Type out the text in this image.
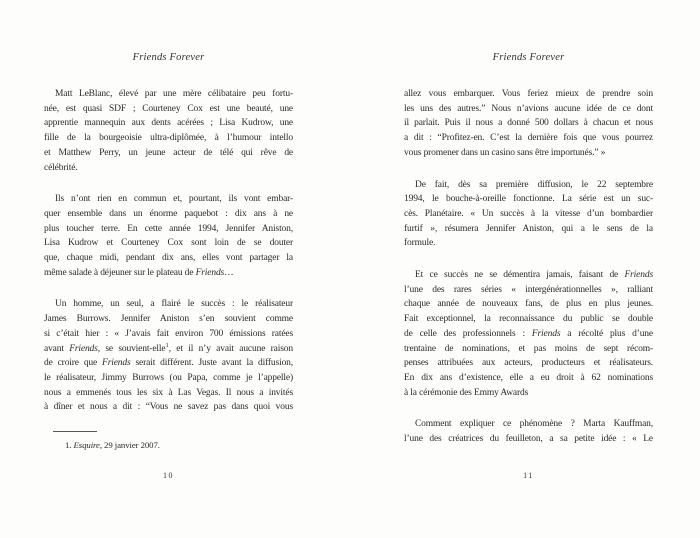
Friends Forever
Matt LeBlanc, élevé par une mère célibataire peu fortu-
née, est quasi SDF ; Courteney Cox est une beauté, une
apprentie mannequin aux dents acérées ; Lisa Kudrow, une
fille de la bourgeoisie ultra-diplômée, à l’humour intello
et Matthew Perry, un jeune acteur de télé qui rêve de
célébrité.
Ils n’ont rien en commun et, pourtant, ils vont embar-
quer ensemble dans un énorme paquebot : dix ans à ne
plus toucher terre. En cette année 1994, Jennifer Aniston,
Lisa Kudrow et Courteney Cox sont loin de se douter
que, chaque midi, pendant dix ans, elles vont partager la
même salade à déjeuner sur le plateau de Friends…
Un homme, un seul, a flairé le succès : le réalisateur
James Burrows. Jennifer Aniston s’en souvient comme
si c’était hier : « J’avais fait environ 700 émissions ratées
avant Friends, se souvient-elle$^1$, et il n’y avait aucune raison
de croire que Friends serait différent. Juste avant la diffusion,
le réalisateur, Jimmy Burrows (ou Papa, comme je l’appelle)
nous a emmenés tous les six à Las Vegas. Il nous a invités
à dîner et nous a dit : “Vous ne savez pas dans quoi vous
1. Esquire, 29 janvier 2007.
10
Friends Forever
allez vous embarquer. Vous feriez mieux de prendre soin
les uns des autres.” Nous n’avions aucune idée de ce dont
il parlait. Puis il nous a donné 500 dollars à chacun et nous
a dit : “Profitez-en. C’est la dernière fois que vous pourrez
vous promener dans un casino sans être importunés.” »
De fait, dès sa première diffusion, le 22 septembre
1994, le bouche-à-oreille fonctionne. La série est un suc-
cès. Planétaire. « Un succès à la vitesse d’un bombardier
furtif », résumera Jennifer Aniston, qui a le sens de la
formule.
Et ce succès ne se démentira jamais, faisant de Friends
l’une des rares séries « intergénérationnelles », ralliant
chaque année de nouveaux fans, de plus en plus jeunes.
Fait exceptionnel, la reconnaissance du public se double
de celle des professionnels : Friends a récolté plus d’une
trentaine de nominations, et pas moins de sept récom-
penses attribuées aux acteurs, producteurs et réalisateurs.
En dix ans d’existence, elle a eu droit à 62 nominations
à la cérémonie des Emmy Awards
Comment expliquer ce phénomène ? Marta Kauffman,
l’une des créatrices du feuilleton, a sa petite idée : « Le
11
